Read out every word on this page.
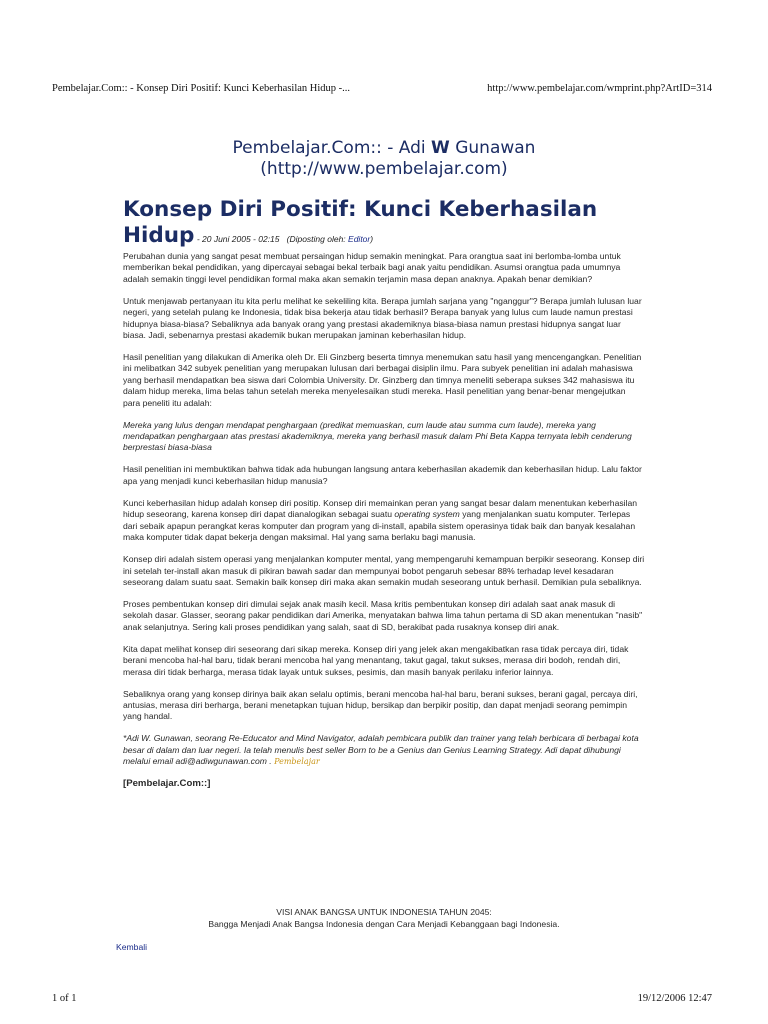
Pembelajar.Com:: - Konsep Diri Positif: Kunci Keberhasilan Hidup -...	http://www.pembelajar.com/wmprint.php?ArtID=314
Pembelajar.Com:: - Adi W Gunawan
(http://www.pembelajar.com)
Konsep Diri Positif: Kunci Keberhasilan Hidup - 20 Juni 2005 - 02:15 (Diposting oleh: Editor)

Perubahan dunia yang sangat pesat membuat persaingan hidup semakin meningkat. Para orangtua saat ini berlomba-lomba untuk memberikan bekal pendidikan, yang dipercayai sebagai bekal terbaik bagi anak yaitu pendidikan. Asumsi orangtua pada umumnya adalah semakin tinggi level pendidikan formal maka akan semakin terjamin masa depan anaknya. Apakah benar demikian?

Untuk menjawab pertanyaan itu kita perlu melihat ke sekeliling kita. Berapa jumlah sarjana yang "nganggur"? Berapa jumlah lulusan luar negeri, yang setelah pulang ke Indonesia, tidak bisa bekerja atau tidak berhasil? Berapa banyak yang lulus cum laude namun prestasi hidupnya biasa-biasa? Sebaliknya ada banyak orang yang prestasi akademiknya biasa-biasa namun prestasi hidupnya sangat luar biasa. Jadi, sebenarnya prestasi akademik bukan merupakan jaminan keberhasilan hidup.

Hasil penelitian yang dilakukan di Amerika oleh Dr. Eli Ginzberg beserta timnya menemukan satu hasil yang mencengangkan. Penelitian ini melibatkan 342 subyek penelitian yang merupakan lulusan dari berbagai disiplin ilmu. Para subyek penelitian ini adalah mahasiswa yang berhasil mendapatkan bea siswa dari Colombia University. Dr. Ginzberg dan timnya meneliti seberapa sukses 342 mahasiswa itu dalam hidup mereka, lima belas tahun setelah mereka menyelesaikan studi mereka. Hasil penelitian yang benar-benar mengejutkan para peneliti itu adalah:

Mereka yang lulus dengan mendapat penghargaan (predikat memuaskan, cum laude atau summa cum laude), mereka yang mendapatkan penghargaan atas prestasi akademiknya, mereka yang berhasil masuk dalam Phi Beta Kappa ternyata lebih cenderung berprestasi biasa-biasa

Hasil penelitian ini membuktikan bahwa tidak ada hubungan langsung antara keberhasilan akademik dan keberhasilan hidup. Lalu faktor apa yang menjadi kunci keberhasilan hidup manusia?

Kunci keberhasilan hidup adalah konsep diri positip. Konsep diri memainkan peran yang sangat besar dalam menentukan keberhasilan hidup seseorang, karena konsep diri dapat dianalogikan sebagai suatu operating system yang menjalankan suatu komputer. Terlepas dari sebaik apapun perangkat keras komputer dan program yang di-install, apabila sistem operasinya tidak baik dan banyak kesalahan maka komputer tidak dapat bekerja dengan maksimal. Hal yang sama berlaku bagi manusia.

Konsep diri adalah sistem operasi yang menjalankan komputer mental, yang mempengaruhi kemampuan berpikir seseorang. Konsep diri ini setelah ter-install akan masuk di pikiran bawah sadar dan mempunyai bobot pengaruh sebesar 88% terhadap level kesadaran seseorang dalam suatu saat. Semakin baik konsep diri maka akan semakin mudah seseorang untuk berhasil. Demikian pula sebaliknya.

Proses pembentukan konsep diri dimulai sejak anak masih kecil. Masa kritis pembentukan konsep diri adalah saat anak masuk di sekolah dasar. Glasser, seorang pakar pendidikan dari Amerika, menyatakan bahwa lima tahun pertama di SD akan menentukan "nasib" anak selanjutnya. Sering kali proses pendidikan yang salah, saat di SD, berakibat pada rusaknya konsep diri anak.

Kita dapat melihat konsep diri seseorang dari sikap mereka. Konsep diri yang jelek akan mengakibatkan rasa tidak percaya diri, tidak berani mencoba hal-hal baru, tidak berani mencoba hal yang menantang, takut gagal, takut sukses, merasa diri bodoh, rendah diri, merasa diri tidak berharga, merasa tidak layak untuk sukses, pesimis, dan masih banyak perilaku inferior lainnya.

Sebaliknya orang yang konsep dirinya baik akan selalu optimis, berani mencoba hal-hal baru, berani sukses, berani gagal, percaya diri, antusias, merasa diri berharga, berani menetapkan tujuan hidup, bersikap dan berpikir positip, dan dapat menjadi seorang pemimpin yang handal.

*Adi W. Gunawan, seorang Re-Educator and Mind Navigator, adalah pembicara publik dan trainer yang telah berbicara di berbagai kota besar di dalam dan luar negeri. Ia telah menulis best seller Born to be a Genius dan Genius Learning Strategy. Adi dapat dihubungi melalui email adi@adiwgunawan.com . Pembelajar

[Pembelajar.Com::]
VISI ANAK BANGSA UNTUK INDONESIA TAHUN 2045:
Bangga Menjadi Anak Bangsa Indonesia dengan Cara Menjadi Kebanggaan bagi Indonesia.
Kembali
1 of 1	19/12/2006 12:47
